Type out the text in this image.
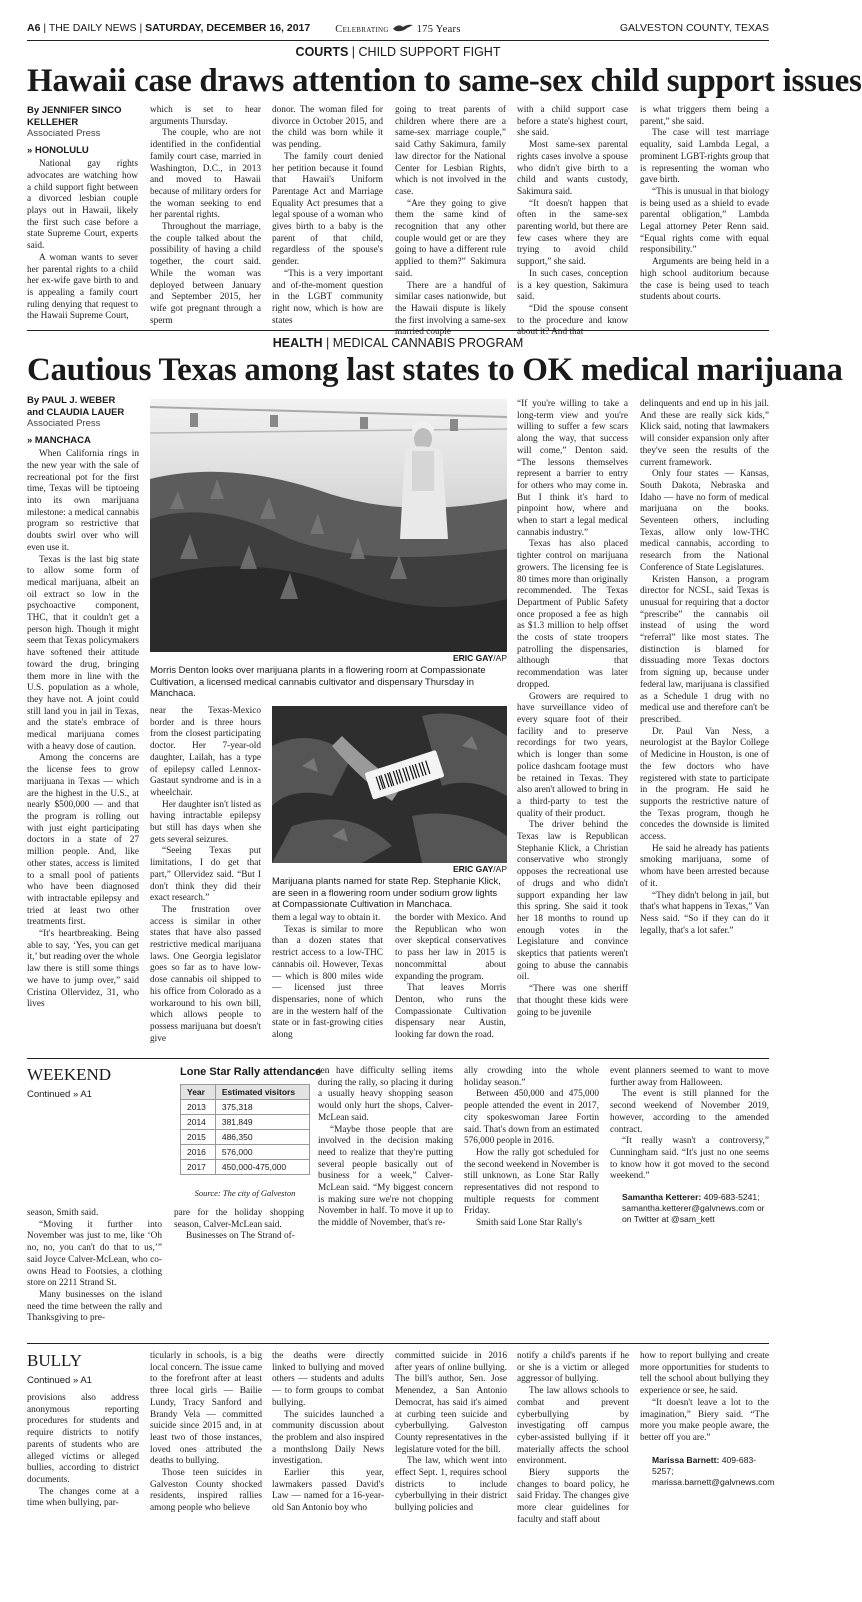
A6 | THE DAILY NEWS | SATURDAY, DECEMBER 16, 2017	Celebrating	175 Years	GALVESTON COUNTY, TEXAS
COURTS | CHILD SUPPORT FIGHT
Hawaii case draws attention to same-sex child support issues
By JENNIFER SINCO KELLEHER
Associated Press
» HONOLULU

National gay rights advocates are watching how a child support fight between a divorced lesbian couple plays out in Hawaii, likely the first such case before a state Supreme Court, experts said.

A woman wants to sever her parental rights to a child her ex-wife gave birth to and is appealing a family court ruling denying that request to the Hawaii Supreme Court,

which is set to hear arguments Thursday.

The couple, who are not identified in the confidential family court case, married in Washington, D.C., in 2013 and moved to Hawaii because of military orders for the woman seeking to end her parental rights.

Throughout the marriage, the couple talked about the possibility of having a child together, the court said. While the woman was deployed between January and September 2015, her wife got pregnant through a sperm

donor. The woman filed for divorce in October 2015, and the child was born while it was pending.

The family court denied her petition because it found that Hawaii's Uniform Parentage Act and Marriage Equality Act presumes that a legal spouse of a woman who gives birth to a baby is the parent of that child, regardless of the spouse's gender.

“This is a very important and of-the-moment question in the LGBT community right now, which is how are states

going to treat parents of children where there are a same-sex marriage couple,” said Cathy Sakimura, family law director for the National Center for Lesbian Rights, which is not involved in the case.

“Are they going to give them the same kind of recognition that any other couple would get or are they going to have a different rule applied to them?” Sakimura said.

There are a handful of similar cases nationwide, but the Hawaii dispute is likely the first involving a same-sex married couple

with a child support case before a state's highest court, she said.

Most same-sex parental rights cases involve a spouse who didn't give birth to a child and wants custody, Sakimura said.

“It doesn't happen that often in the same-sex parenting world, but there are few cases where they are trying to avoid child support,” she said.

In such cases, conception is a key question, Sakimura said.

“Did the spouse consent to the procedure and know about it? And that

is what triggers them being a parent,” she said.

The case will test marriage equality, said Lambda Legal, a prominent LGBT-rights group that is representing the woman who gave birth.

“This is unusual in that biology is being used as a shield to evade parental obligation,” Lambda Legal attorney Peter Renn said. “Equal rights come with equal responsibility.”

Arguments are being held in a high school auditorium because the case is being used to teach students about courts.

HEALTH | MEDICAL CANNABIS PROGRAM
Cautious Texas among last states to OK medical marijuana
By PAUL J. WEBER
and CLAUDIA LAUER
Associated Press
» MANCHACA

When California rings in the new year with the sale of recreational pot for the first time, Texas will be tiptoeing into its own marijuana milestone: a medical cannabis program so restrictive that doubts swirl over who will even use it.

Texas is the last big state to allow some form of medical marijuana, albeit an oil extract so low in the psychoactive component, THC, that it couldn't get a person high. Though it might seem that Texas policymakers have softened their attitude toward the drug, bringing them more in line with the U.S. population as a whole, they have not. A joint could still land you in jail in Texas, and the state's embrace of medical marijuana comes with a heavy dose of caution.

Among the concerns are the license fees to grow marijuana in Texas — which are the highest in the U.S., at nearly $500,000 — and that the program is rolling out with just eight participating doctors in a state of 27 million people. And, like other states, access is limited to a small pool of patients who have been diagnosed with intractable epilepsy and tried at least two other treatments first.

“It's heartbreaking. Being able to say, ‘Yes, you can get it,’ but reading over the whole law there is still some things we have to jump over,” said Cristina Ollervidez, 31, who lives

ERIC GAY/AP
Morris Denton looks over marijuana plants in a flowering room at Compassionate Cultivation, a licensed medical cannabis cultivator and dispensary Thursday in Manchaca.

near the Texas-Mexico border and is three hours from the closest participating doctor. Her 7-year-old daughter, Lailah, has a type of epilepsy called Lennox-Gastaut syndrome and is in a wheelchair.

Her daughter isn't listed as having intractable epilepsy but still has days when she gets several seizures.

“Seeing Texas put limitations, I do get that part,” Ollervidez said. “But I don't think they did their exact research.”

The frustration over access is similar in other states that have also passed restrictive medical marijuana laws. One Georgia legislator goes so far as to have low-dose cannabis oil shipped to his office from Colorado as a workaround to his own bill, which allows people to possess marijuana but doesn't give

ERIC GAY/AP
Marijuana plants named for state Rep. Stephanie Klick, are seen in a flowering room under sodium grow lights at Compassionate Cultivation in Manchaca.

them a legal way to obtain it.

Texas is similar to more than a dozen states that restrict access to a low-THC cannabis oil. However, Texas — which is 800 miles wide — licensed just three dispensaries, none of which are in the western half of the state or in fast-growing cities along

the border with Mexico. And the Republican who won over skeptical conservatives to pass her law in 2015 is noncommittal about expanding the program.

That leaves Morris Denton, who runs the Compassionate Cultivation dispensary near Austin, looking far down the road.

“If you're willing to take a long-term view and you're willing to suffer a few scars along the way, that success will come,” Denton said. “The lessons themselves represent a barrier to entry for others who may come in. But I think it's hard to pinpoint how, where and when to start a legal medical cannabis industry.”

Texas has also placed tighter control on marijuana growers. The licensing fee is 80 times more than originally recommended. The Texas Department of Public Safety once proposed a fee as high as $1.3 million to help offset the costs of state troopers patrolling the dispensaries, although that recommendation was later dropped.

Growers are required to have surveillance video of every square foot of their facility and to preserve recordings for two years, which is longer than some police dashcam footage must be retained in Texas. They also aren't allowed to bring in a third-party to test the quality of their product.

The driver behind the Texas law is Republican Stephanie Klick, a Christian conservative who strongly opposes the recreational use of drugs and who didn't support expanding her law this spring. She said it took her 18 months to round up enough votes in the Legislature and convince skeptics that patients weren't going to abuse the cannabis oil.

“There was one sheriff that thought these kids were going to be juvenile

delinquents and end up in his jail. And these are really sick kids,” Klick said, noting that lawmakers will consider expansion only after they've seen the results of the current framework.

Only four states — Kansas, South Dakota, Nebraska and Idaho — have no form of medical marijuana on the books. Seventeen others, including Texas, allow only low-THC medical cannabis, according to research from the National Conference of State Legislatures.

Kristen Hanson, a program director for NCSL, said Texas is unusual for requiring that a doctor “prescribe” the cannabis oil instead of using the word “referral” like most states. The distinction is blamed for dissuading more Texas doctors from signing up, because under federal law, marijuana is classified as a Schedule 1 drug with no medical use and therefore can't be prescribed.

Dr. Paul Van Ness, a neurologist at the Baylor College of Medicine in Houston, is one of the few doctors who have registered with state to participate in the program. He said he supports the restrictive nature of the Texas program, though he concedes the downside is limited access.

He said he already has patients smoking marijuana, some of whom have been arrested because of it.

“They didn't belong in jail, but that's what happens in Texas,” Van Ness said. “So if they can do it legally, that's a lot safer.”

WEEKEND
Continued » A1
Lone Star Rally attendance
Year	Estimated visitors
2013	375,318
2014	381,849
2015	486,350
2016	576,000
2017	450,000-475,000
Source: The city of Galveston

season, Smith said.

“Moving it further into November was just to me, like ‘Oh no, no, you can't do that to us,’” said Joyce Calver-McLean, who co-owns Head to Footsies, a clothing store on 2211 Strand St.

Many businesses on the island need the time between the rally and Thanksgiving to pre-

pare for the holiday shopping season, Calver-McLean said.

Businesses on The Strand of-

ten have difficulty selling items during the rally, so placing it during a usually heavy shopping season would only hurt the shops, Calver-McLean said.

“Maybe those people that are involved in the decision making need to realize that they're putting several people basically out of business for a week,” Calver-McLean said. “My biggest concern is making sure we're not chopping November in half. To move it up to the middle of November, that's re-

ally crowding into the whole holiday season.”

Between 450,000 and 475,000 people attended the event in 2017, city spokeswoman Jaree Fortin said. That's down from an estimated 576,000 people in 2016.

How the rally got scheduled for the second weekend in November is still unknown, as Lone Star Rally representatives did not respond to multiple requests for comment Friday.

Smith said Lone Star Rally's

event planners seemed to want to move further away from Halloween.

The event is still planned for the second weekend of November 2019, however, according to the amended contract.

“It really wasn't a controversy,” Cunningham said. “It's just no one seems to know how it got moved to the second weekend.”

Samantha Ketterer: 409-683-5241; samantha.ketterer@galvnews.com or on Twitter at @sam_kett
BULLY
Continued » A1

provisions also address anonymous reporting procedures for students and require districts to notify parents of students who are alleged victims or alleged bullies, according to district documents.

The changes come at a time when bullying, par-

ticularly in schools, is a big local concern. The issue came to the forefront after at least three local girls — Bailie Lundy, Tracy Sanford and Brandy Vela — committed suicide since 2015 and, in at least two of those instances, loved ones attributed the deaths to bullying.

Those teen suicides in Galveston County shocked residents, inspired rallies among people who believe

the deaths were directly linked to bullying and moved others — students and adults — to form groups to combat bullying.

The suicides launched a community discussion about the problem and also inspired a monthslong Daily News investigation.

Earlier this year, lawmakers passed David's Law — named for a 16-year-old San Antonio boy who

committed suicide in 2016 after years of online bullying. The bill's author, Sen. Jose Menendez, a San Antonio Democrat, has said it's aimed at curbing teen suicide and cyberbullying. Galveston County representatives in the legislature voted for the bill.

The law, which went into effect Sept. 1, requires school districts to include cyberbullying in their district bullying policies and

notify a child's parents if he or she is a victim or alleged aggressor of bullying.

The law allows schools to combat and prevent cyberbullying by investigating off campus cyber-assisted bullying if it materially affects the school environment.

Biery supports the changes to board policy, he said Friday. The changes give more clear guidelines for faculty and staff about

how to report bullying and create more opportunities for students to tell the school about bullying they experience or see, he said.

“It doesn't leave a lot to the imagination,” Biery said. “The more you make people aware, the better off you are.”

Marissa Barnett: 409-683-5257; marissa.barnett@galvnews.com
